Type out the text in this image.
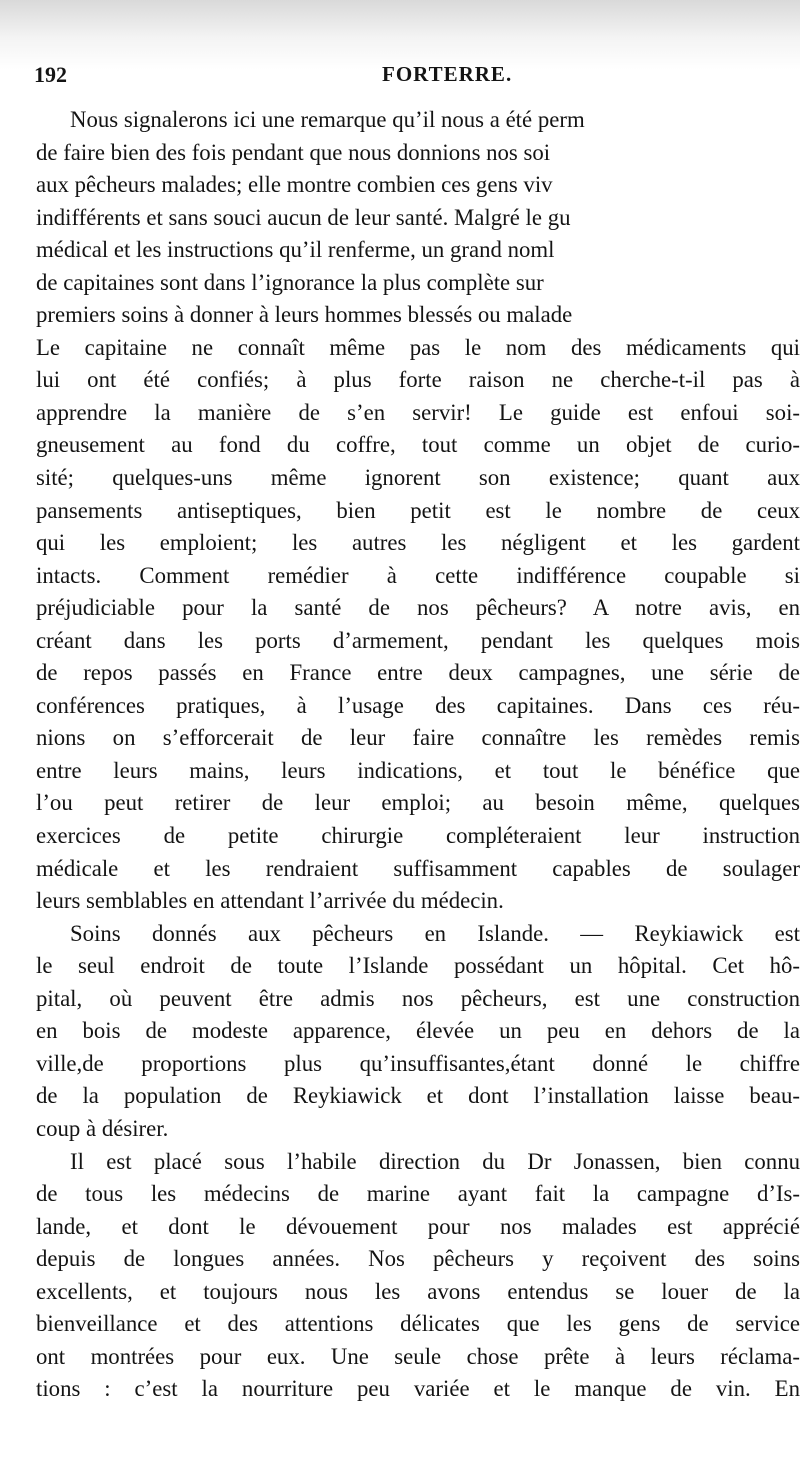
192	FORTERRE.
Nous signalerons ici une remarque qu’il nous a été perm
de faire bien des fois pendant que nous donnions nos soi
aux pêcheurs malades; elle montre combien ces gens viv
indifférents et sans souci aucun de leur santé. Malgré le gu
médical et les instructions qu’il renferme, un grand noml
de capitaines sont dans l’ignorance la plus complète sur
premiers soins à donner à leurs hommes blessés ou malade
Le capitaine ne connaît même pas le nom des médicaments qui
lui ont été confiés; à plus forte raison ne cherche-t-il pas à
apprendre la manière de s’en servir! Le guide est enfoui soi-
gneusement au fond du coffre, tout comme un objet de curio-
sité; quelques-uns même ignorent son existence; quant aux
pansements antiseptiques, bien petit est le nombre de ceux
qui les emploient; les autres les négligent et les gardent
intacts. Comment remédier à cette indifférence coupable si
préjudiciable pour la santé de nos pêcheurs? A notre avis, en
créant dans les ports d’armement, pendant les quelques mois
de repos passés en France entre deux campagnes, une série de
conférences pratiques, à l’usage des capitaines. Dans ces réu-
nions on s’efforcerait de leur faire connaître les remèdes remis
entre leurs mains, leurs indications, et tout le bénéfice que
l’ou peut retirer de leur emploi; au besoin même, quelques
exercices de petite chirurgie compléteraient leur instruction
médicale et les rendraient suffisamment capables de soulager
leurs semblables en attendant l’arrivée du médecin.
Soins donnés aux pêcheurs en Islande. — Reykiawick est
le seul endroit de toute l’Islande possédant un hôpital. Cet hô-
pital, où peuvent être admis nos pêcheurs, est une construction
en bois de modeste apparence, élevée un peu en dehors de la
ville,de proportions plus qu’insuffisantes,étant donné le chiffre
de la population de Reykiawick et dont l’installation laisse beau-
coup à désirer.
Il est placé sous l’habile direction du Dr Jonassen, bien connu
de tous les médecins de marine ayant fait la campagne d’Is-
lande, et dont le dévouement pour nos malades est apprécié
depuis de longues années. Nos pêcheurs y reçoivent des soins
excellents, et toujours nous les avons entendus se louer de la
bienveillance et des attentions délicates que les gens de service
ont montrées pour eux. Une seule chose prête à leurs réclama-
tions : c’est la nourriture peu variée et le manque de vin. En
